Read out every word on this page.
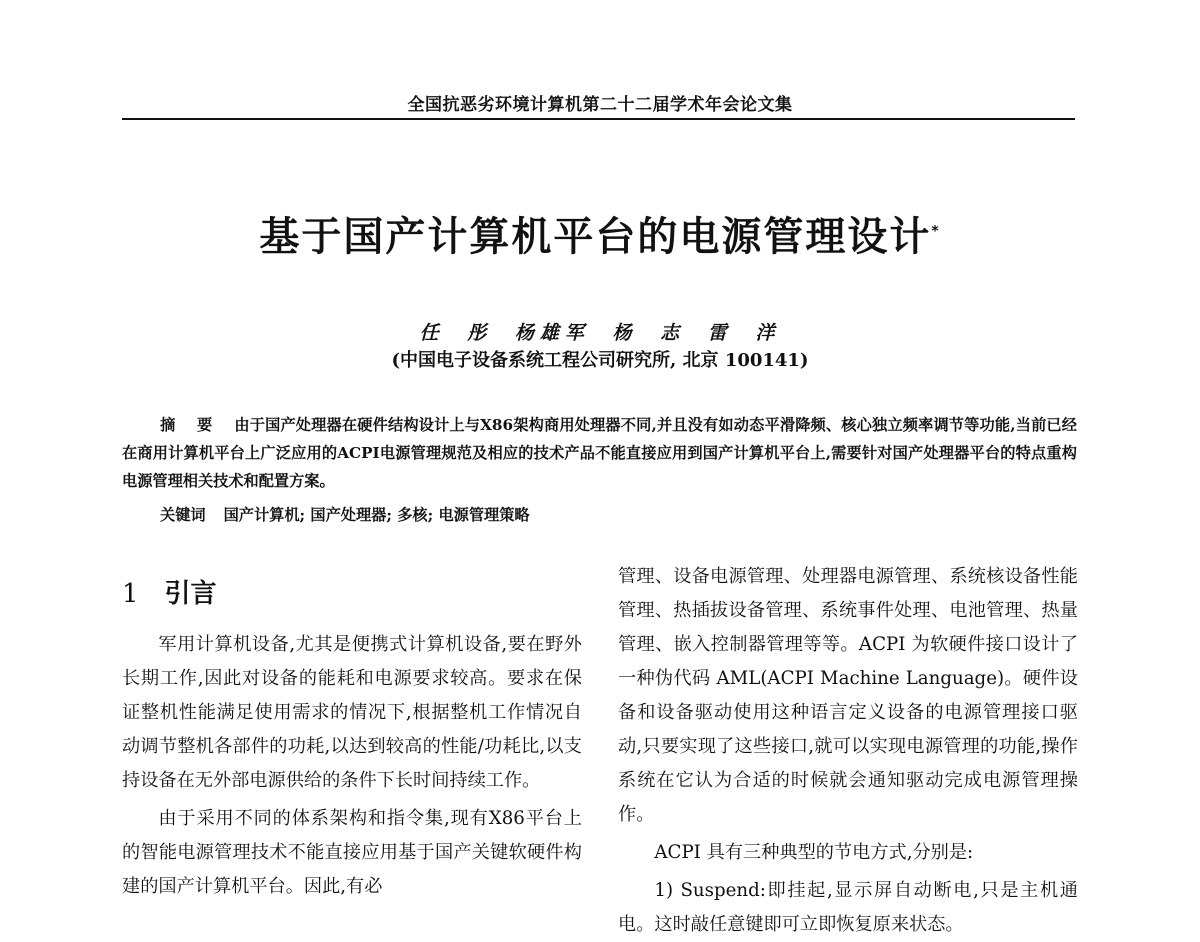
全国抗恶劣环境计算机第二十二届学术年会论文集
基于国产计算机平台的电源管理设计*
任 彤 杨雄军 杨 志 雷 洋
(中国电子设备系统工程公司研究所, 北京 100141)
摘 要 由于国产处理器在硬件结构设计上与X86架构商用处理器不同,并且没有如动态平滑降频、核心独立频率调节等功能,当前已经在商用计算机平台上广泛应用的ACPI电源管理规范及相应的技术产品不能直接应用到国产计算机平台上,需要针对国产处理器平台的特点重构电源管理相关技术和配置方案。
关键词 国产计算机; 国产处理器; 多核; 电源管理策略
1 引言

军用计算机设备,尤其是便携式计算机设备,要在野外长期工作,因此对设备的能耗和电源要求较高。要求在保证整机性能满足使用需求的情况下,根据整机工作情况自动调节整机各部件的功耗,以达到较高的性能/功耗比,以支持设备在无外部电源供给的条件下长时间持续工作。

由于采用不同的体系架构和指令集,现有X86平台上的智能电源管理技术不能直接应用基于国产关键软硬件构建的国产计算机平台。因此,有必

管理、设备电源管理、处理器电源管理、系统核设备性能管理、热插拔设备管理、系统事件处理、电池管理、热量管理、嵌入控制器管理等等。ACPI 为软硬件接口设计了一种伪代码 AML(ACPI Machine Language)。硬件设备和设备驱动使用这种语言定义设备的电源管理接口驱动,只要实现了这些接口,就可以实现电源管理的功能,操作系统在它认为合适的时候就会通知驱动完成电源管理操作。

ACPI 具有三种典型的节电方式,分别是:

1) Suspend:即挂起,显示屏自动断电,只是主机通电。这时敲任意键即可立即恢复原来状态。
